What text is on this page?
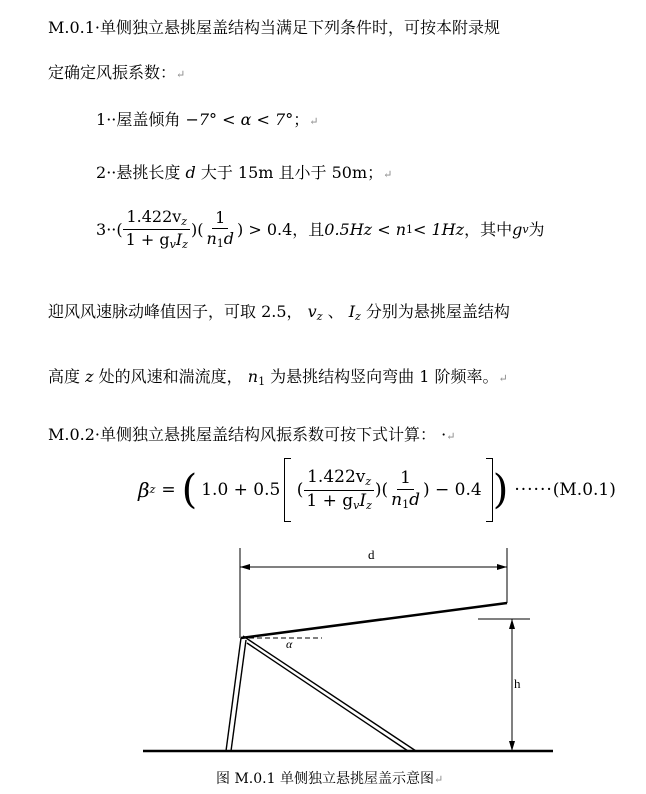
M.0.1·单侧独立悬挑屋盖结构当满足下列条件时，可按本附录规
定确定风振系数：↵
1··屋盖倾角 −7° < α < 7°；↵
2··悬挑长度 d 大于 15m 且小于 50m；↵
3 ··( $\frac{1.422v_z}{1 + g_vI_z}$ )( $\frac{1}{n_1d}$ ) > 0.4 ，且 0.5Hz < n 1 < 1Hz ，其中 g v 为
迎风风速脉动峰值因子，可取 2.5， $v_z$ 、 $I_z$ 分别为悬挑屋盖结构
高度 z 处的风速和湍流度， $n_1$ 为悬挑结构竖向弯曲 1 阶频率。↵
M.0.2·单侧独立悬挑屋盖结构风振系数可按下式计算： ·↵
β z = ( 1.0 + 0.5 ( $\frac{1.422v_z}{1 + g_vI_z}$ )( $\frac{1}{n_1d}$ ) − 0.4 ) ······ (M.0.1)
d
α
h
图 M.0.1 单侧独立悬挑屋盖示意图↵
